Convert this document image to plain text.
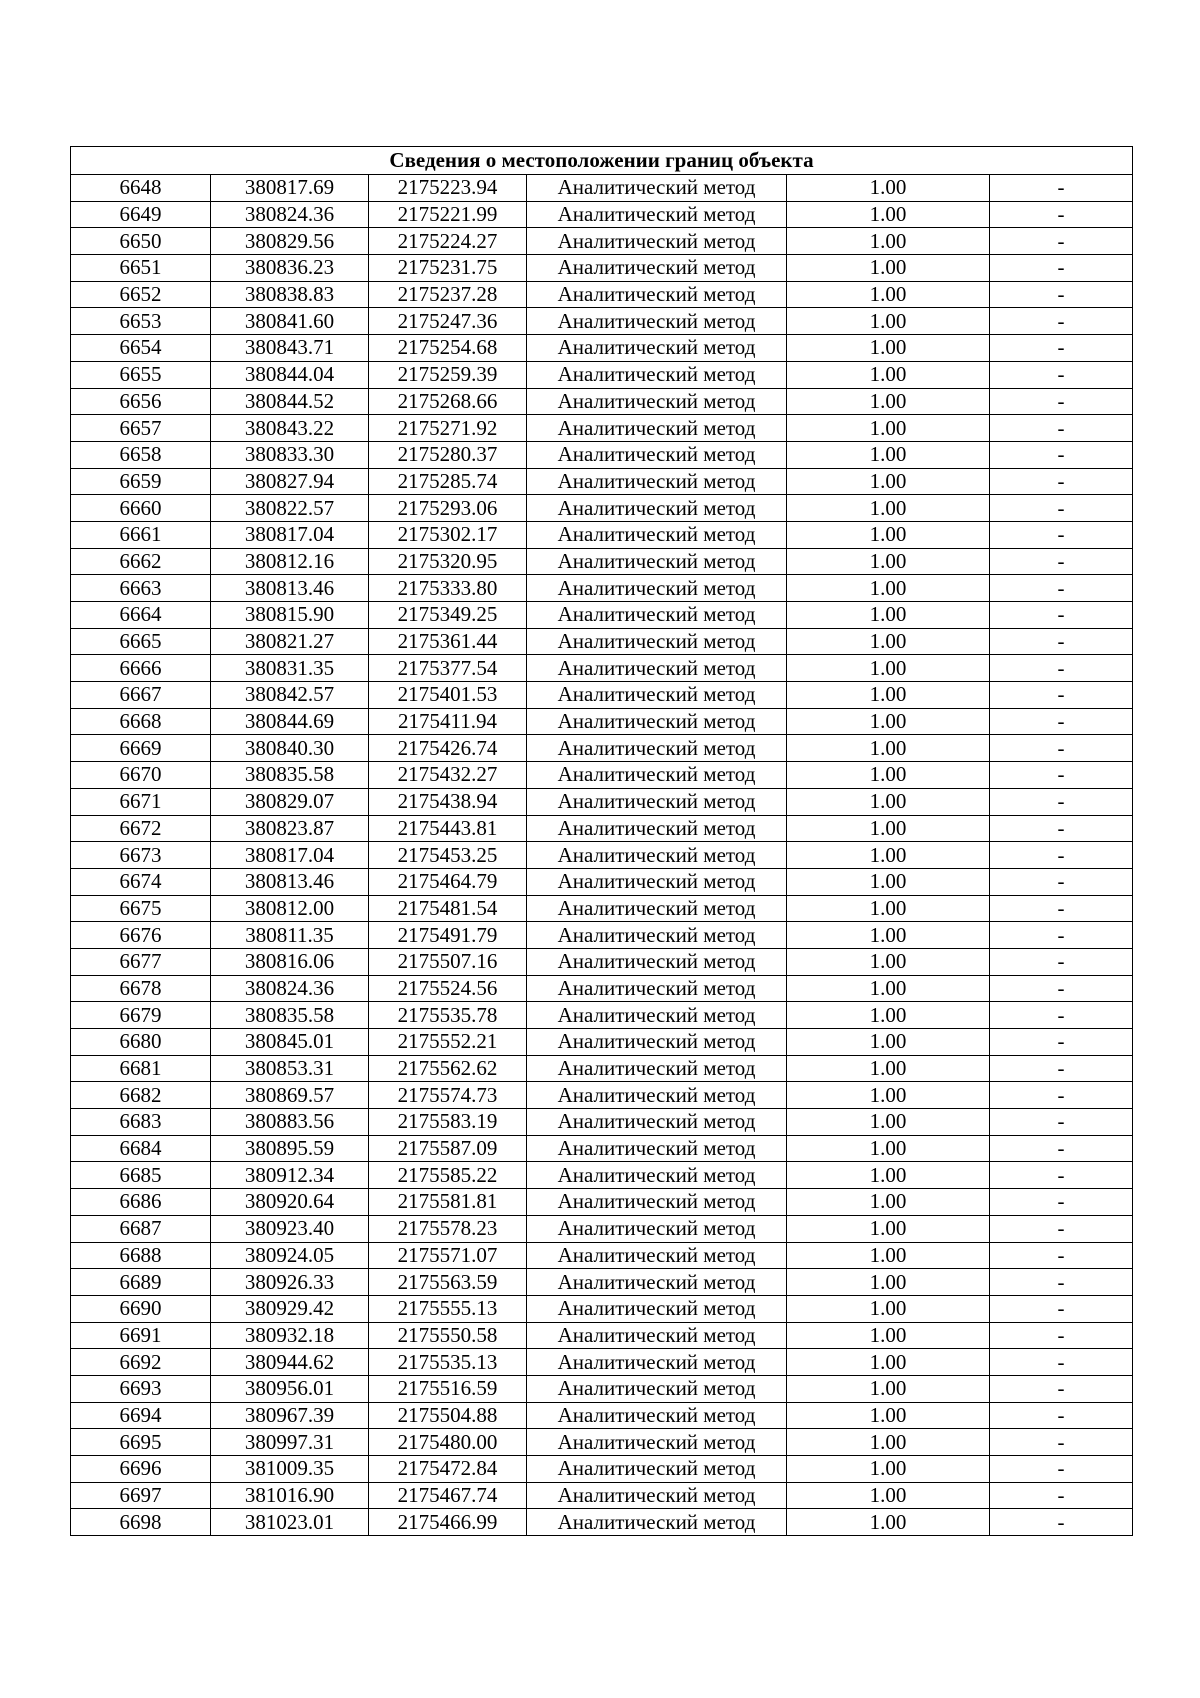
Сведения о местоположении границ объекта					
6648	380817.69	2175223.94	Аналитический метод	1.00	-
6649	380824.36	2175221.99	Аналитический метод	1.00	-
6650	380829.56	2175224.27	Аналитический метод	1.00	-
6651	380836.23	2175231.75	Аналитический метод	1.00	-
6652	380838.83	2175237.28	Аналитический метод	1.00	-
6653	380841.60	2175247.36	Аналитический метод	1.00	-
6654	380843.71	2175254.68	Аналитический метод	1.00	-
6655	380844.04	2175259.39	Аналитический метод	1.00	-
6656	380844.52	2175268.66	Аналитический метод	1.00	-
6657	380843.22	2175271.92	Аналитический метод	1.00	-
6658	380833.30	2175280.37	Аналитический метод	1.00	-
6659	380827.94	2175285.74	Аналитический метод	1.00	-
6660	380822.57	2175293.06	Аналитический метод	1.00	-
6661	380817.04	2175302.17	Аналитический метод	1.00	-
6662	380812.16	2175320.95	Аналитический метод	1.00	-
6663	380813.46	2175333.80	Аналитический метод	1.00	-
6664	380815.90	2175349.25	Аналитический метод	1.00	-
6665	380821.27	2175361.44	Аналитический метод	1.00	-
6666	380831.35	2175377.54	Аналитический метод	1.00	-
6667	380842.57	2175401.53	Аналитический метод	1.00	-
6668	380844.69	2175411.94	Аналитический метод	1.00	-
6669	380840.30	2175426.74	Аналитический метод	1.00	-
6670	380835.58	2175432.27	Аналитический метод	1.00	-
6671	380829.07	2175438.94	Аналитический метод	1.00	-
6672	380823.87	2175443.81	Аналитический метод	1.00	-
6673	380817.04	2175453.25	Аналитический метод	1.00	-
6674	380813.46	2175464.79	Аналитический метод	1.00	-
6675	380812.00	2175481.54	Аналитический метод	1.00	-
6676	380811.35	2175491.79	Аналитический метод	1.00	-
6677	380816.06	2175507.16	Аналитический метод	1.00	-
6678	380824.36	2175524.56	Аналитический метод	1.00	-
6679	380835.58	2175535.78	Аналитический метод	1.00	-
6680	380845.01	2175552.21	Аналитический метод	1.00	-
6681	380853.31	2175562.62	Аналитический метод	1.00	-
6682	380869.57	2175574.73	Аналитический метод	1.00	-
6683	380883.56	2175583.19	Аналитический метод	1.00	-
6684	380895.59	2175587.09	Аналитический метод	1.00	-
6685	380912.34	2175585.22	Аналитический метод	1.00	-
6686	380920.64	2175581.81	Аналитический метод	1.00	-
6687	380923.40	2175578.23	Аналитический метод	1.00	-
6688	380924.05	2175571.07	Аналитический метод	1.00	-
6689	380926.33	2175563.59	Аналитический метод	1.00	-
6690	380929.42	2175555.13	Аналитический метод	1.00	-
6691	380932.18	2175550.58	Аналитический метод	1.00	-
6692	380944.62	2175535.13	Аналитический метод	1.00	-
6693	380956.01	2175516.59	Аналитический метод	1.00	-
6694	380967.39	2175504.88	Аналитический метод	1.00	-
6695	380997.31	2175480.00	Аналитический метод	1.00	-
6696	381009.35	2175472.84	Аналитический метод	1.00	-
6697	381016.90	2175467.74	Аналитический метод	1.00	-
6698	381023.01	2175466.99	Аналитический метод	1.00	-
